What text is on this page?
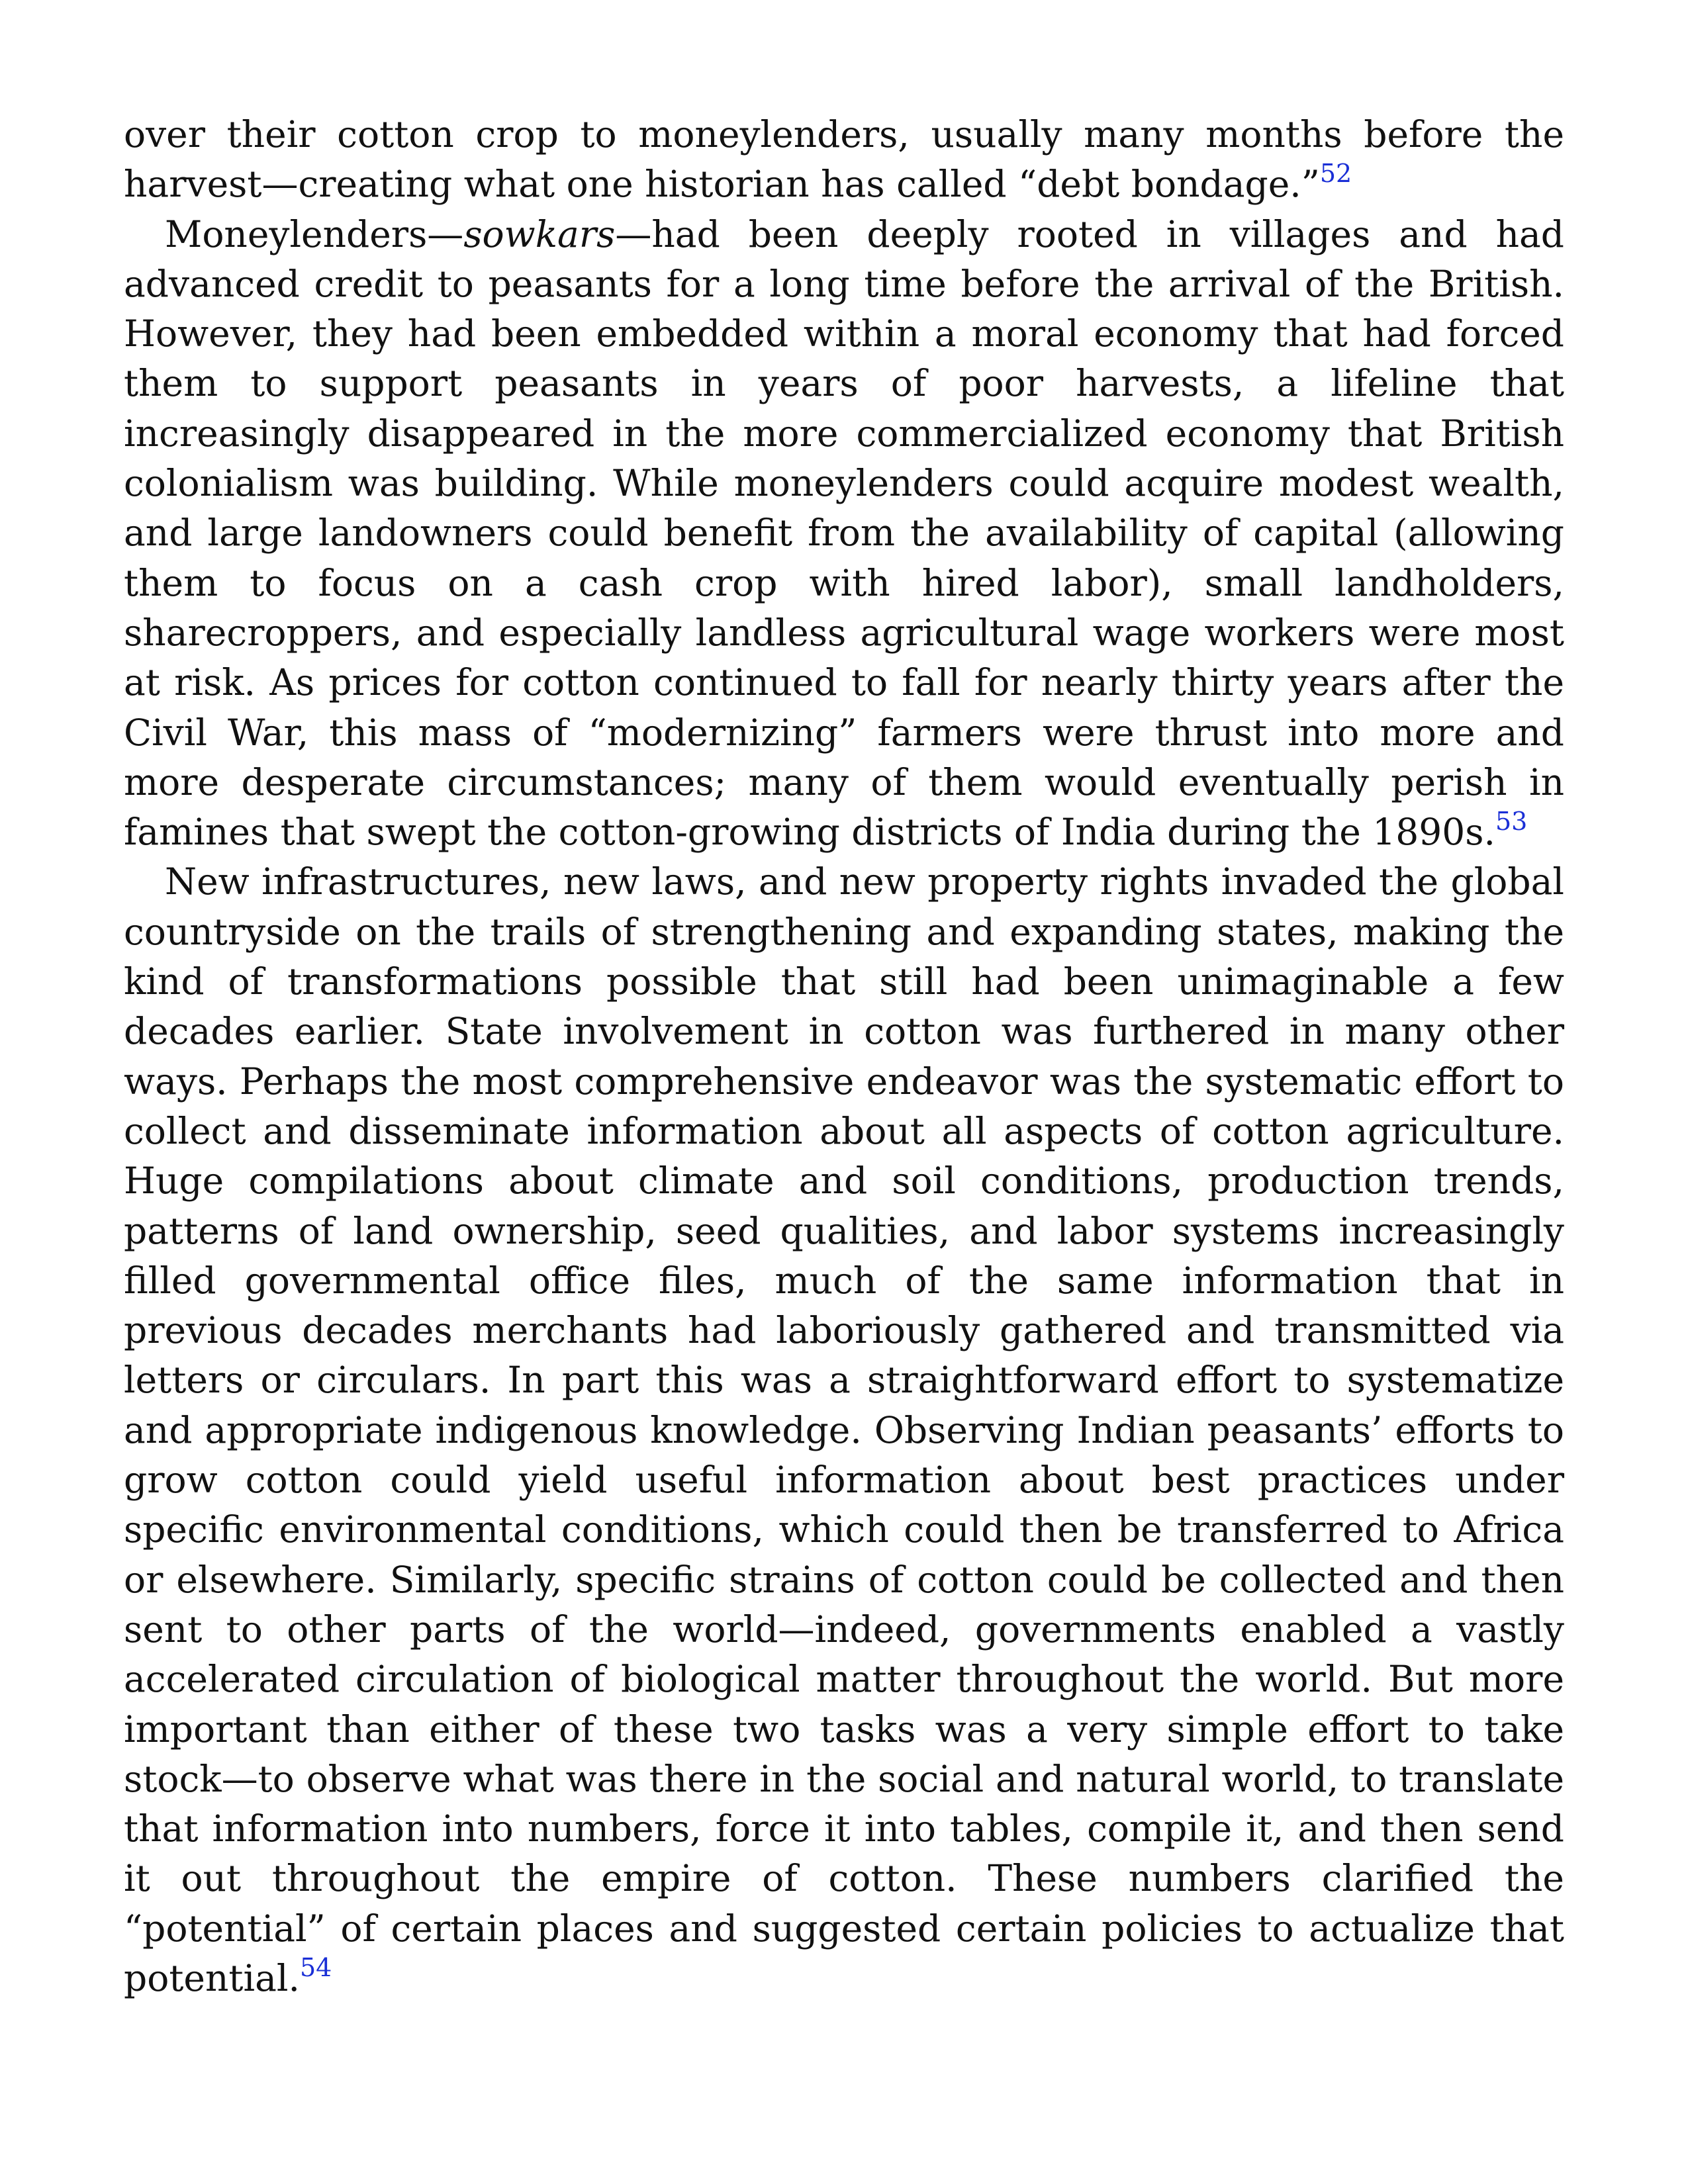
over their cotton crop to moneylenders, usually many months before the harvest—creating what one historian has called “debt bondage.”$^{52}$

Moneylenders—sowkars—had been deeply rooted in villages and had advanced credit to peasants for a long time before the arrival of the British. However, they had been embedded within a moral economy that had forced them to support peasants in years of poor harvests, a lifeline that increasingly disappeared in the more commercialized economy that British colonialism was building. While moneylenders could acquire modest wealth, and large landowners could benefit from the availability of capital (allowing them to focus on a cash crop with hired labor), small landholders, sharecroppers, and especially landless agricultural wage workers were most at risk. As prices for cotton continued to fall for nearly thirty years after the Civil War, this mass of “modernizing” farmers were thrust into more and more desperate circumstances; many of them would eventually perish in famines that swept the cotton-growing districts of India during the 1890s.$^{53}$

New infrastructures, new laws, and new property rights invaded the global countryside on the trails of strengthening and expanding states, making the kind of transformations possible that still had been unimaginable a few decades earlier. State involvement in cotton was furthered in many other ways. Perhaps the most comprehensive endeavor was the systematic effort to collect and disseminate information about all aspects of cotton agriculture. Huge compilations about climate and soil conditions, production trends, patterns of land ownership, seed qualities, and labor systems increasingly filled governmental office files, much of the same information that in previous decades merchants had laboriously gathered and transmitted via letters or circulars. In part this was a straightforward effort to systematize and appropriate indigenous knowledge. Observing Indian peasants’ efforts to grow cotton could yield useful information about best practices under specific environmental conditions, which could then be transferred to Africa or elsewhere. Similarly, specific strains of cotton could be collected and then sent to other parts of the world—indeed, governments enabled a vastly accelerated circulation of biological matter throughout the world. But more important than either of these two tasks was a very simple effort to take stock—to observe what was there in the social and natural world, to translate that information into numbers, force it into tables, compile it, and then send it out throughout the empire of cotton. These numbers clarified the “potential” of certain places and suggested certain policies to actualize that potential.$^{54}$
